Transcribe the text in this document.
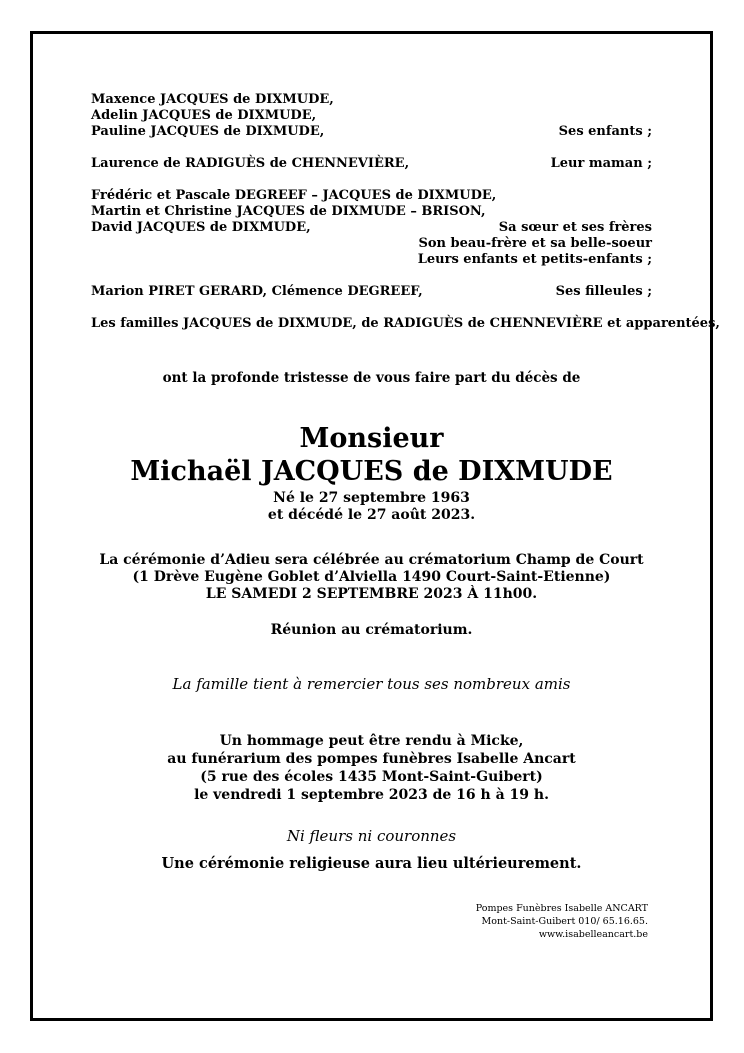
Maxence JACQUES de DIXMUDE,
Adelin JACQUES de DIXMUDE,
Pauline JACQUES de DIXMUDE,	Ses enfants ;

Laurence de RADIGUÈS de CHENNEVIÈRE,	Leur maman ;

Frédéric et Pascale DEGREEF – JACQUES de DIXMUDE,
Martin et Christine JACQUES de DIXMUDE – BRISON,
David JACQUES de DIXMUDE,	Sa sœur et ses frères

Son beau-frère et sa belle-soeur

Leurs enfants et petits-enfants ;

Marion PIRET GERARD, Clémence DEGREEF,	Ses filleules ;

Les familles JACQUES de DIXMUDE, de RADIGUÈS de CHENNEVIÈRE et apparentées,
ont la profonde tristesse de vous faire part du décès de
Monsieur
Michaël JACQUES de DIXMUDE
Né le 27 septembre 1963
et décédé le 27 août 2023.
La cérémonie d’Adieu sera célébrée au crématorium Champ de Court
(1 Drève Eugène Goblet d’Alviella 1490 Court-Saint-Etienne)
LE SAMEDI 2 SEPTEMBRE 2023 À 11h00.
Réunion au crématorium.
La famille tient à remercier tous ses nombreux amis
Un hommage peut être rendu à Micke,
au funérarium des pompes funèbres Isabelle Ancart
(5 rue des écoles 1435 Mont-Saint-Guibert)
le vendredi 1 septembre 2023 de 16 h à 19 h.
Ni fleurs ni couronnes
Une cérémonie religieuse aura lieu ultérieurement.
Pompes Funèbres Isabelle ANCART
Mont-Saint-Guibert 010/ 65.16.65.
www.isabelleancart.be
